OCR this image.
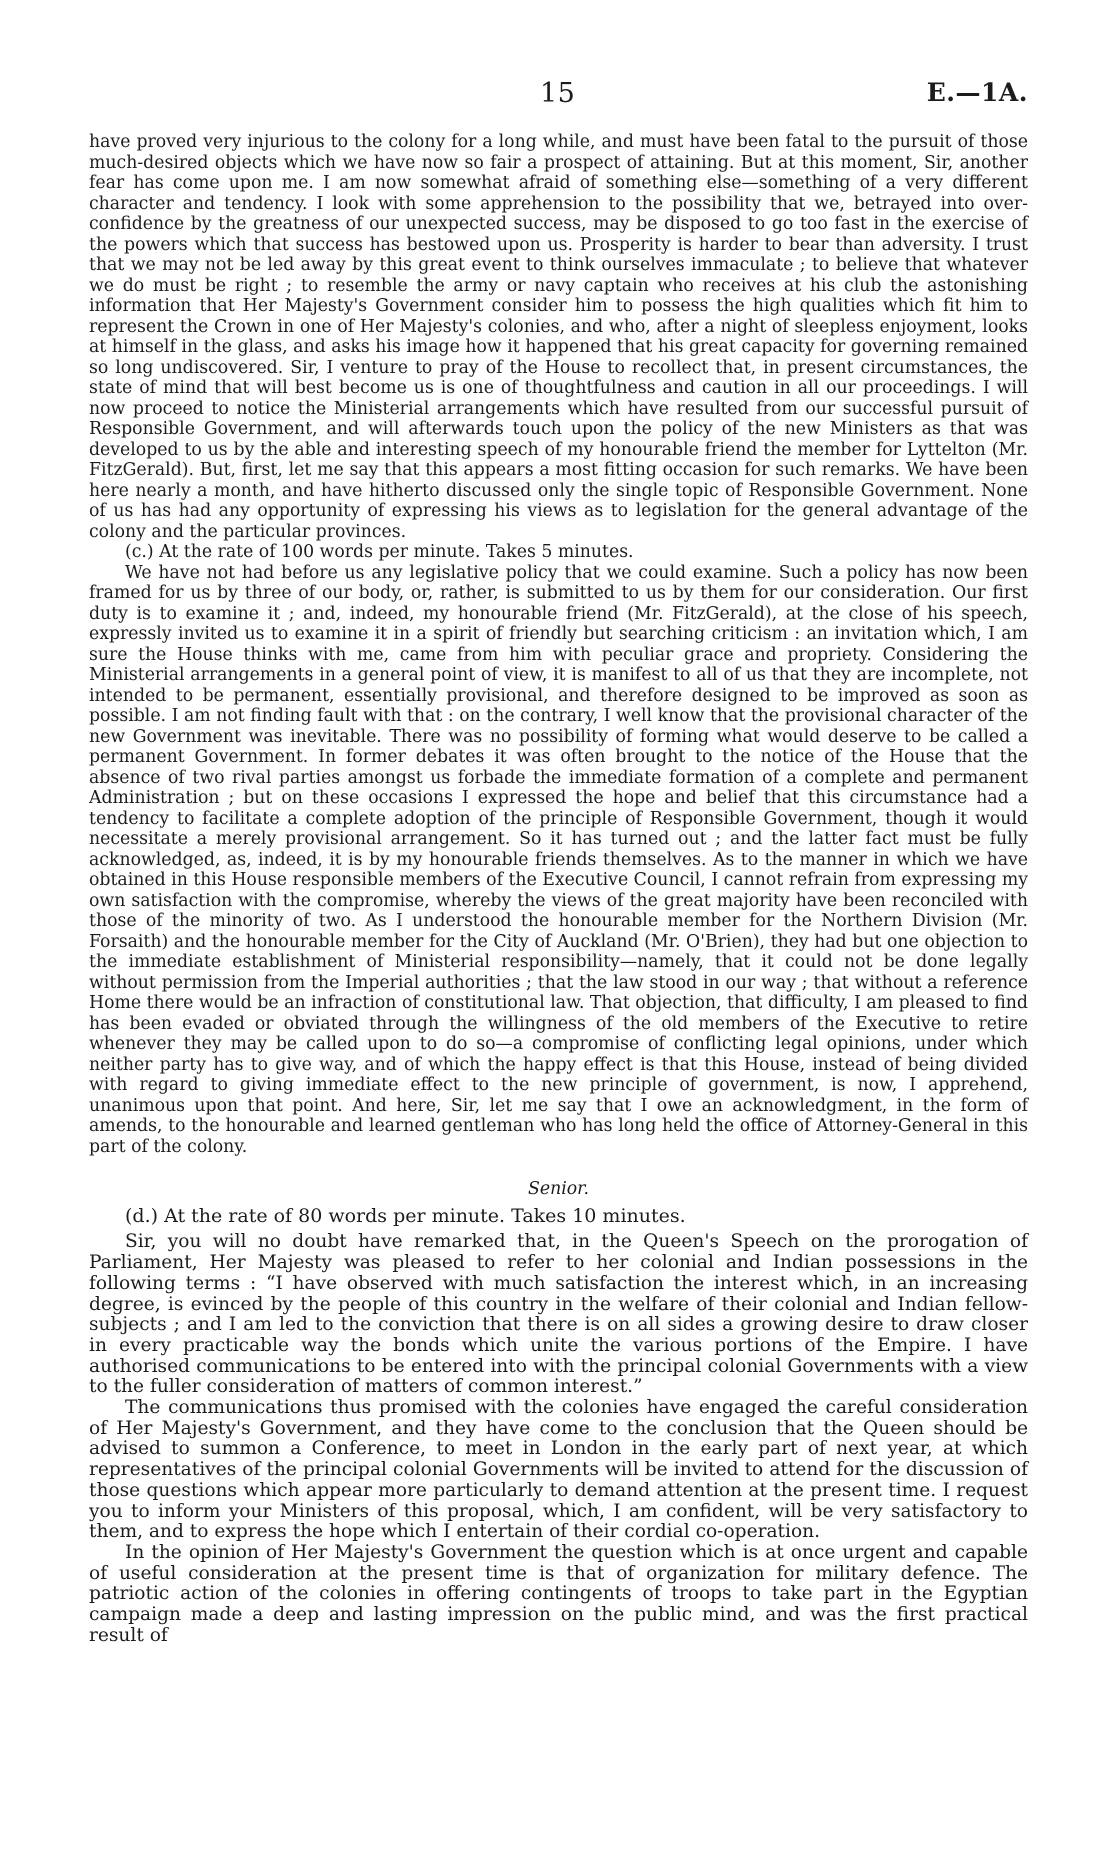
15	E.—1A.

have proved very injurious to the colony for a long while, and must have been fatal to the pursuit of those much-desired objects which we have now so fair a prospect of attaining. But at this moment, Sir, another fear has come upon me. I am now somewhat afraid of something else—something of a very different character and tendency. I look with some apprehension to the possibility that we, betrayed into over-confidence by the greatness of our unexpected success, may be disposed to go too fast in the exercise of the powers which that success has bestowed upon us. Prosperity is harder to bear than adversity. I trust that we may not be led away by this great event to think ourselves immaculate ; to believe that whatever we do must be right ; to resemble the army or navy captain who receives at his club the astonishing information that Her Majesty's Government consider him to possess the high qualities which fit him to represent the Crown in one of Her Majesty's colonies, and who, after a night of sleepless enjoyment, looks at himself in the glass, and asks his image how it happened that his great capacity for governing remained so long undiscovered. Sir, I venture to pray of the House to recollect that, in present circumstances, the state of mind that will best become us is one of thoughtfulness and caution in all our proceedings. I will now proceed to notice the Ministerial arrangements which have resulted from our successful pursuit of Responsible Government, and will afterwards touch upon the policy of the new Ministers as that was developed to us by the able and interesting speech of my honourable friend the member for Lyttelton (Mr. FitzGerald). But, first, let me say that this appears a most fitting occasion for such remarks. We have been here nearly a month, and have hitherto discussed only the single topic of Responsible Government. None of us has had any opportunity of expressing his views as to legislation for the general advantage of the colony and the particular provinces.

(c.) At the rate of 100 words per minute. Takes 5 minutes.

We have not had before us any legislative policy that we could examine. Such a policy has now been framed for us by three of our body, or, rather, is submitted to us by them for our consideration. Our first duty is to examine it ; and, indeed, my honourable friend (Mr. FitzGerald), at the close of his speech, expressly invited us to examine it in a spirit of friendly but searching criticism : an invitation which, I am sure the House thinks with me, came from him with peculiar grace and propriety. Considering the Ministerial arrangements in a general point of view, it is manifest to all of us that they are incomplete, not intended to be permanent, essentially provisional, and therefore designed to be improved as soon as possible. I am not finding fault with that : on the contrary, I well know that the provisional character of the new Government was inevitable. There was no possibility of forming what would deserve to be called a permanent Government. In former debates it was often brought to the notice of the House that the absence of two rival parties amongst us forbade the immediate formation of a complete and permanent Administration ; but on these occasions I expressed the hope and belief that this circumstance had a tendency to facilitate a complete adoption of the principle of Responsible Government, though it would necessitate a merely provisional arrangement. So it has turned out ; and the latter fact must be fully acknowledged, as, indeed, it is by my honourable friends themselves. As to the manner in which we have obtained in this House responsible members of the Executive Council, I cannot refrain from expressing my own satisfaction with the compromise, whereby the views of the great majority have been reconciled with those of the minority of two. As I understood the honourable member for the Northern Division (Mr. Forsaith) and the honourable member for the City of Auckland (Mr. O'Brien), they had but one objection to the immediate establishment of Ministerial responsibility—namely, that it could not be done legally without permission from the Imperial authorities ; that the law stood in our way ; that without a reference Home there would be an infraction of constitutional law. That objection, that difficulty, I am pleased to find has been evaded or obviated through the willingness of the old members of the Executive to retire whenever they may be called upon to do so—a compromise of conflicting legal opinions, under which neither party has to give way, and of which the happy effect is that this House, instead of being divided with regard to giving immediate effect to the new principle of government, is now, I apprehend, unanimous upon that point. And here, Sir, let me say that I owe an acknowledgment, in the form of amends, to the honourable and learned gentleman who has long held the office of Attorney-General in this part of the colony.

Senior.

(d.) At the rate of 80 words per minute. Takes 10 minutes.

Sir, you will no doubt have remarked that, in the Queen's Speech on the prorogation of Parliament, Her Majesty was pleased to refer to her colonial and Indian possessions in the following terms : “I have observed with much satisfaction the interest which, in an increasing degree, is evinced by the people of this country in the welfare of their colonial and Indian fellow-subjects ; and I am led to the conviction that there is on all sides a growing desire to draw closer in every practicable way the bonds which unite the various portions of the Empire. I have authorised communications to be entered into with the principal colonial Governments with a view to the fuller consideration of matters of common interest.”

The communications thus promised with the colonies have engaged the careful consideration of Her Majesty's Government, and they have come to the conclusion that the Queen should be advised to summon a Conference, to meet in London in the early part of next year, at which representatives of the principal colonial Governments will be invited to attend for the discussion of those questions which appear more particularly to demand attention at the present time. I request you to inform your Ministers of this proposal, which, I am confident, will be very satisfactory to them, and to express the hope which I entertain of their cordial co-operation.

In the opinion of Her Majesty's Government the question which is at once urgent and capable of useful consideration at the present time is that of organization for military defence. The patriotic action of the colonies in offering contingents of troops to take part in the Egyptian campaign made a deep and lasting impression on the public mind, and was the first practical result of
